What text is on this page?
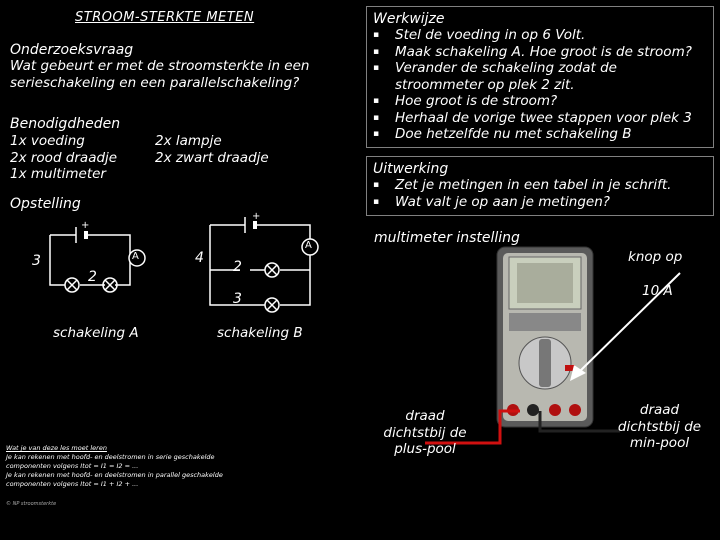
STROOM-STERKTE METEN
Onderzoeksvraag
Wat gebeurt er met de stroomsterkte in een
serieschakeling en een parallelschakeling?
Benodigdheden
1x voeding
2x rood draadje
1x multimeter
2x lampje
2x zwart draadje
Opstelling
+
A
3
2
schakeling A
+
A
4
2
3
schakeling B
Werkwijze
▪ Stel de voeding in op 6 Volt.
▪ Maak schakeling A. Hoe groot is de stroom?
▪ Verander de schakeling zodat de stroommeter op plek 2 zit.
▪ Hoe groot is de stroom?
▪ Herhaal de vorige twee stappen voor plek 3
▪ Doe hetzelfde nu met schakeling B
Uitwerking
▪ Zet je metingen in een tabel in je schrift.
▪ Wat valt je op aan je metingen?
multimeter instelling
knop op
10 A
draad dichtstbij de plus-pool
draad dichtstbij de min-pool
Wat je van deze les moet leren
Je kan rekenen met hoofd- en deelstromen in serie geschakelde
componenten volgens Itot = I1 = I2 = ...
Je kan rekenen met hoofd- en deelstromen in parallel geschakelde
componenten volgens Itot = I1 + I2 + ...
© NP stroomsterkte
